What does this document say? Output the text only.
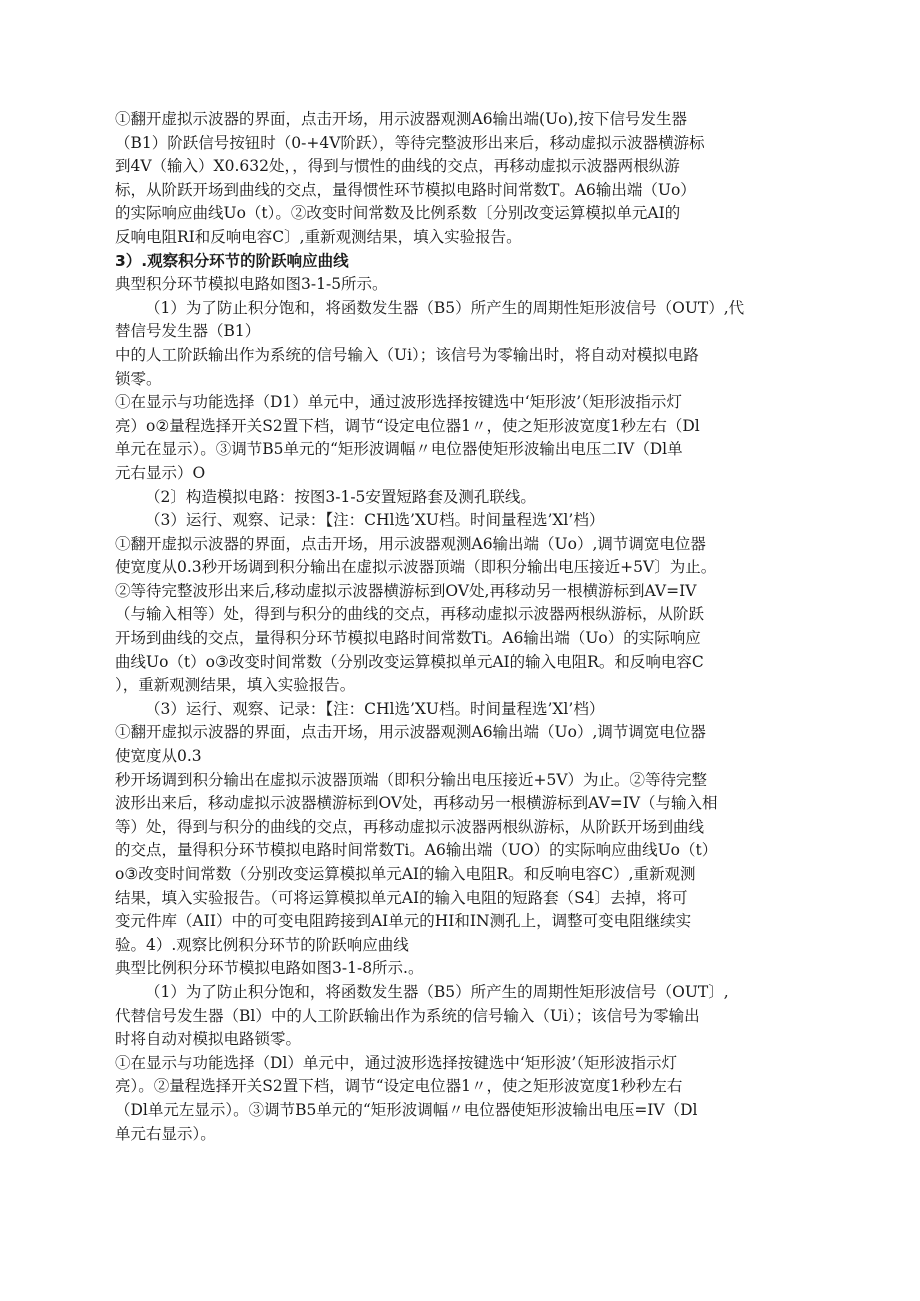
①翻开虚拟示波器的界面，点击开场，用示波器观测A6输出端(Uo),按下信号发生器
（B1）阶跃信号按钮时（0-+4V阶跃），等待完整波形出来后，移动虚拟示波器横游标
到4V（输入）X0.632处，，得到与惯性的曲线的交点，再移动虚拟示波器两根纵游
标，从阶跃开场到曲线的交点，量得惯性环节模拟电路时间常数T。A6输出端（Uo）
的实际响应曲线Uo（t）。②改变时间常数及比例系数〔分别改变运算模拟单元AI的
反响电阻RI和反响电容C〕,重新观测结果，填入实验报告。
3）.观察积分环节的阶跃响应曲线
典型积分环节模拟电路如图3-1-5所示。
（1）为了防止积分饱和，将函数发生器（B5）所产生的周期性矩形波信号（OUT）,代
替信号发生器（B1）
中的人工阶跃输出作为系统的信号输入（Ui）；该信号为零输出时，将自动对模拟电路
锁零。
①在显示与功能选择（D1）单元中，通过波形选择按键选中‘矩形波’（矩形波指示灯
亮）o②量程选择开关S2置下档，调节“设定电位器1〃，使之矩形波宽度1秒左右（Dl
单元在显示）。③调节B5单元的“矩形波调幅〃电位器使矩形波输出电压二IV（Dl单
元右显示）O
（2〕构造模拟电路：按图3-1-5安置短路套及测孔联线。
（3）运行、观察、记录：【注：CHl选’XU档。时间量程选’Xl’档）
①翻开虚拟示波器的界面，点击开场，用示波器观测A6输出端（Uo）,调节调宽电位器
使宽度从0.3秒开场调到积分输出在虚拟示波器顶端（即积分输出电压接近+5V〕为止。
②等待完整波形出来后,移动虚拟示波器横游标到OV处,再移动另一根横游标到AV=IV
（与输入相等）处，得到与积分的曲线的交点，再移动虚拟示波器两根纵游标，从阶跃
开场到曲线的交点，量得积分环节模拟电路时间常数Ti。A6输出端（Uo）的实际响应
曲线Uo（t）o③改变时间常数（分别改变运算模拟单元AI的输入电阻R。和反响电容C
），重新观测结果，填入实验报告。
（3）运行、观察、记录：【注：CHl选’XU档。时间量程选’Xl’档）
①翻开虚拟示波器的界面，点击开场，用示波器观测A6输出端（Uo）,调节调宽电位器
使宽度从0.3
秒开场调到积分输出在虚拟示波器顶端（即积分输出电压接近+5V）为止。②等待完整
波形出来后，移动虚拟示波器横游标到OV处，再移动另一根横游标到AV=IV（与输入相
等）处，得到与积分的曲线的交点，再移动虚拟示波器两根纵游标，从阶跃开场到曲线
的交点，量得积分环节模拟电路时间常数Ti。A6输出端（UO）的实际响应曲线Uo（t）
o③改变时间常数（分别改变运算模拟单元AI的输入电阻R。和反响电容C）,重新观测
结果，填入实验报告。（可将运算模拟单元AI的输入电阻的短路套（S4〕去掉，将可
变元件库（AII）中的可变电阻跨接到AI单元的HI和IN测孔上，调整可变电阻继续实
验。4）.观察比例积分环节的阶跃响应曲线
典型比例积分环节模拟电路如图3-1-8所示.。
（1）为了防止积分饱和，将函数发生器（B5）所产生的周期性矩形波信号（OUT〕,
代替信号发生器（Bl）中的人工阶跃输出作为系统的信号输入（Ui）；该信号为零输出
时将自动对模拟电路锁零。
①在显示与功能选择（Dl）单元中，通过波形选择按键选中‘矩形波’（矩形波指示灯
亮）。②量程选择开关S2置下档，调节“设定电位器1〃，使之矩形波宽度1秒秒左右
（Dl单元左显示）。③调节B5单元的“矩形波调幅〃电位器使矩形波输出电压=IV（Dl
单元右显示）。
